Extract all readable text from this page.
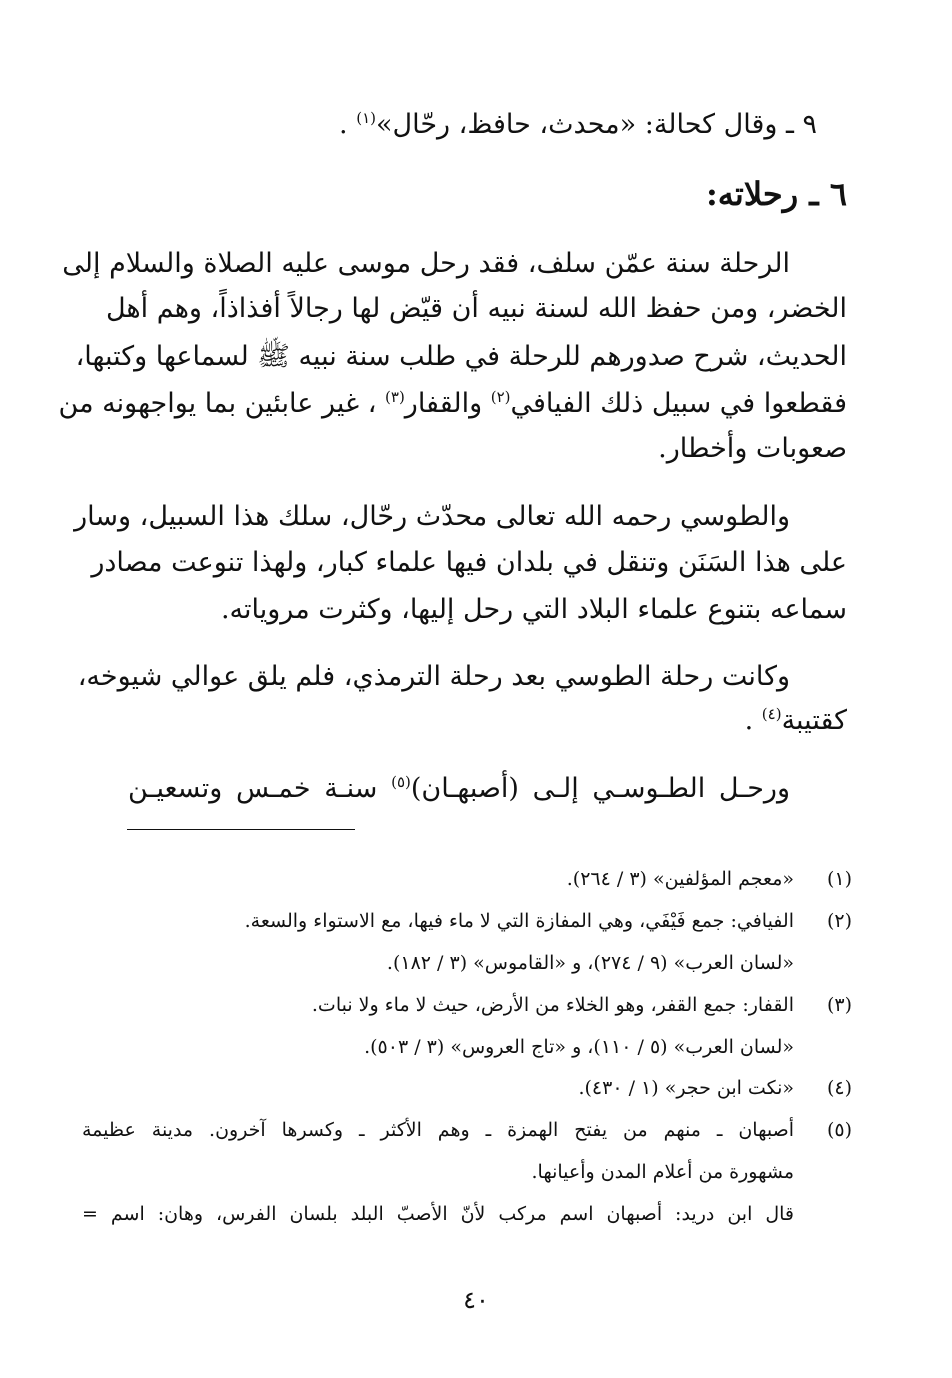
٩ ـ وقال كحالة: «محدث، حافظ، رحّال»$^{(١)}$ .
٦ ـ رحلاته:
الرحلة سنة عمّن سلف، فقد رحل موسى عليه الصلاة والسلام إلى
الخضر، ومن حفظ الله لسنة نبيه أن قيّض لها رجالاً أفذاذاً، وهم أهل
الحديث، شرح صدورهم للرحلة في طلب سنة نبيه ﷺ لسماعها وكتبها،
فقطعوا في سبيل ذلك الفيافي$^{(٢)}$ والقفار$^{(٣)}$ ، غير عابئين بما يواجهونه من
صعوبات وأخطار.
والطوسي رحمه الله تعالى محدّث رحّال، سلك هذا السبيل، وسار
على هذا السَنَن وتنقل في بلدان فيها علماء كبار، ولهذا تنوعت مصادر
سماعه بتنوع علماء البلاد التي رحل إليها، وكثرت مروياته.
وكانت رحلة الطوسي بعد رحلة الترمذي، فلم يلق عوالي شيوخه،
كقتيبة$^{(٤)}$ .
ورحـل الطـوسـي إلـى (أصبهـان)$^{(٥)}$ سنـة خمـس وتسعيـن
(١)
«معجم المؤلفين» (٣ / ٢٦٤).
(٢)
الفيافي: جمع فَيْفَي، وهي المفازة التي لا ماء فيها، مع الاستواء والسعة.
«لسان العرب» (٩ / ٢٧٤)، و «القاموس» (٣ / ١٨٢).
(٣)
القفار: جمع القفر، وهو الخلاء من الأرض، حيث لا ماء ولا نبات.
«لسان العرب» (٥ / ١١٠)، و «تاج العروس» (٣ / ٥٠٣).
(٤)
«نكت ابن حجر» (١ / ٤٣٠).
(٥)
أصبهان ـ منهم من يفتح الهمزة ـ وهم الأكثر ـ وكسرها آخرون. مدينة عظيمة
مشهورة من أعلام المدن وأعيانها.
قال ابن دريد: أصبهان اسم مركب لأنّ الأصبّ البلد بلسان الفرس، وهان: اسم =
٤٠
